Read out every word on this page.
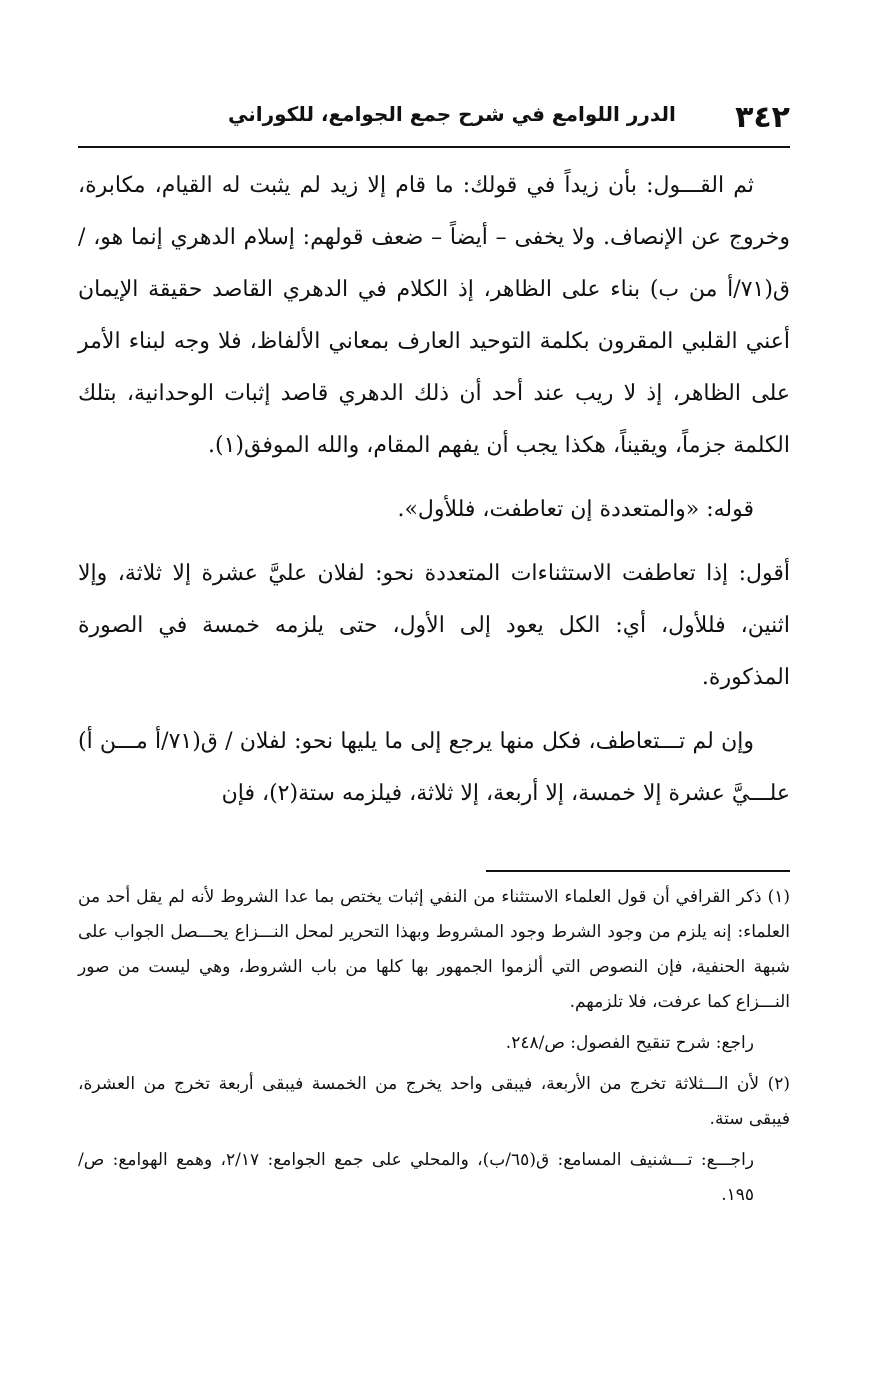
٣٤٢
الدرر اللوامع في شرح جمع الجوامع، للكوراني

ثم القـــول: بأن زيداً في قولك: ما قام إلا زيد لم يثبت له القيام، مكابرة، وخروج عن الإنصاف. ولا يخفى – أيضاً – ضعف قولهم: إسلام الدهري إنما هو، / ق(٧١/أ من ب) بناء على الظاهر، إذ الكلام في الدهري القاصد حقيقة الإيمان أعني القلبي المقرون بكلمة التوحيد العارف بمعاني الألفاظ، فلا وجه لبناء الأمر على الظاهر، إذ لا ريب عند أحد أن ذلك الدهري قاصد إثبات الوحدانية، بتلك الكلمة جزماً، ويقيناً، هكذا يجب أن يفهم المقام، والله الموفق(١).

قوله: «والمتعددة إن تعاطفت، فللأول».

أقول: إذا تعاطفت الاستثناءات المتعددة نحو: لفلان عليَّ عشرة إلا ثلاثة، وإلا اثنين، فللأول، أي: الكل يعود إلى الأول، حتى يلزمه خمسة في الصورة المذكورة.

وإن لم تـــتعاطف، فكل منها يرجع إلى ما يليها نحو: لفلان / ق(٧١/أ مـــن أ) علـــيَّ عشرة إلا خمسة، إلا أربعة، إلا ثلاثة، فيلزمه ستة(٢)، فإن

(١) ذكر القرافي أن قول العلماء الاستثناء من النفي إثبات يختص بما عدا الشروط لأنه لم يقل أحد من العلماء: إنه يلزم من وجود الشرط وجود المشروط وبهذا التحرير لمحل النـــزاع يحـــصل الجواب على شبهة الحنفية، فإن النصوص التي ألزموا الجمهور بها كلها من باب الشروط، وهي ليست من صور النـــزاع كما عرفت، فلا تلزمهم.

راجع: شرح تنقيح الفصول: ص/٢٤٨.

(٢) لأن الـــثلاثة تخرج من الأربعة، فيبقى واحد يخرج من الخمسة فيبقى أربعة تخرج من العشرة، فيبقى ستة.

راجـــع: تـــشنيف المسامع: ق(٦٥/ب)، والمحلي على جمع الجوامع: ٢/١٧، وهمع الهوامع: ص/١٩٥.
